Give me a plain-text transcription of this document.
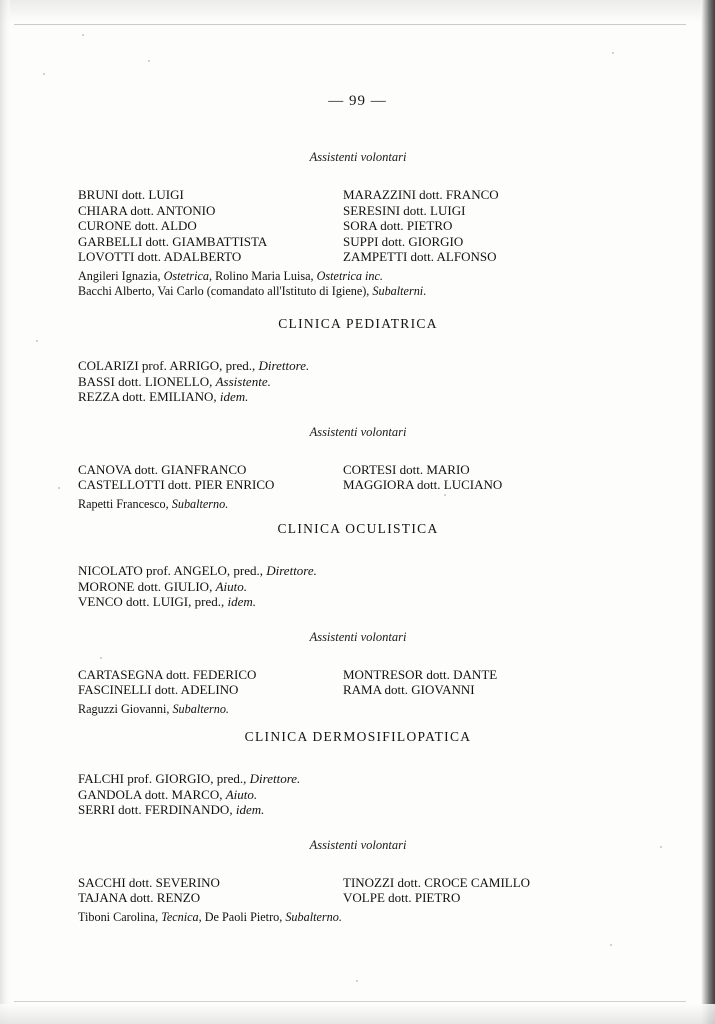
— 99 —
Assistenti volontari
BRUNI dott. LUIGI	MARAZZINI dott. FRANCO
CHIARA dott. ANTONIO	SERESINI dott. LUIGI
CURONE dott. ALDO	SORA dott. PIETRO
GARBELLI dott. GIAMBATTISTA	SUPPI dott. GIORGIO
LOVOTTI dott. ADALBERTO	ZAMPETTI dott. ALFONSO
Angileri Ignazia, Ostetrica, Rolino Maria Luisa, Ostetrica inc.
Bacchi Alberto, Vai Carlo (comandato all'Istituto di Igiene), Subalterni.
CLINICA PEDIATRICA
COLARIZI prof. ARRIGO, pred., Direttore.
BASSI dott. LIONELLO, Assistente.
REZZA dott. EMILIANO, idem.
Assistenti volontari
CANOVA dott. GIANFRANCO	CORTESI dott. MARIO
CASTELLOTTI dott. PIER ENRICO	MAGGIORA dott. LUCIANO
Rapetti Francesco, Subalterno.
CLINICA OCULISTICA
NICOLATO prof. ANGELO, pred., Direttore.
MORONE dott. GIULIO, Aiuto.
VENCO dott. LUIGI, pred., idem.
Assistenti volontari
CARTASEGNA dott. FEDERICO	MONTRESOR dott. DANTE
FASCINELLI dott. ADELINO	RAMA dott. GIOVANNI
Raguzzi Giovanni, Subalterno.
CLINICA DERMOSIFILOPATICA
FALCHI prof. GIORGIO, pred., Direttore.
GANDOLA dott. MARCO, Aiuto.
SERRI dott. FERDINANDO, idem.
Assistenti volontari
SACCHI dott. SEVERINO	TINOZZI dott. CROCE CAMILLO
TAJANA dott. RENZO	VOLPE dott. PIETRO
Tiboni Carolina, Tecnica, De Paoli Pietro, Subalterno.
